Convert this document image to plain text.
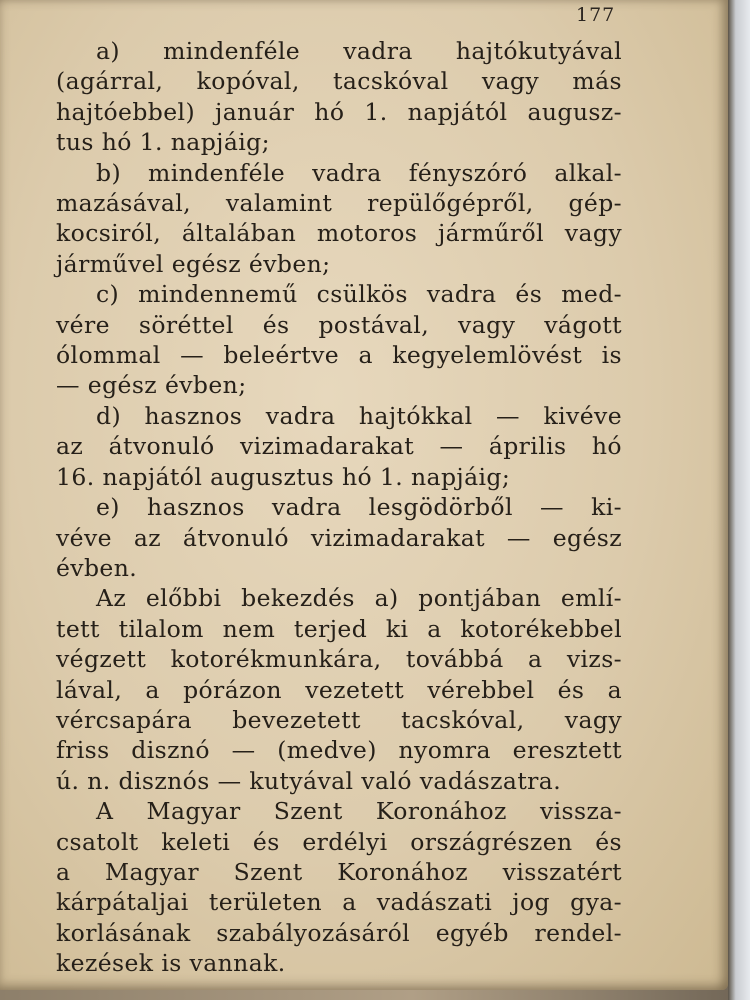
177
a) mindenféle vadra hajtókutyával
(agárral, kopóval, tacskóval vagy más
hajtóebbel) január hó 1. napjától augusz-
tus hó 1. napjáig;
b) mindenféle vadra fényszóró alkal-
mazásával, valamint repülőgépről, gép-
kocsiról, általában motoros járműről vagy
járművel egész évben;
c) mindennemű csülkös vadra és med-
vére söréttel és postával, vagy vágott
ólommal — beleértve a kegyelemlövést is
— egész évben;
d) hasznos vadra hajtókkal — kivéve
az átvonuló vizimadarakat — április hó
16. napjától augusztus hó 1. napjáig;
e) hasznos vadra lesgödörből — ki-
véve az átvonuló vizimadarakat — egész
évben.
Az előbbi bekezdés a) pontjában emlí-
tett tilalom nem terjed ki a kotorékebbel
végzett kotorékmunkára, továbbá a vizs-
lával, a pórázon vezetett vérebbel és a
vércsapára bevezetett tacskóval, vagy
friss disznó — (medve) nyomra eresztett
ú. n. disznós — kutyával való vadászatra.
A Magyar Szent Koronához vissza-
csatolt keleti és erdélyi országrészen és
a Magyar Szent Koronához visszatért
kárpátaljai területen a vadászati jog gya-
korlásának szabályozásáról egyéb rendel-
kezések is vannak.
